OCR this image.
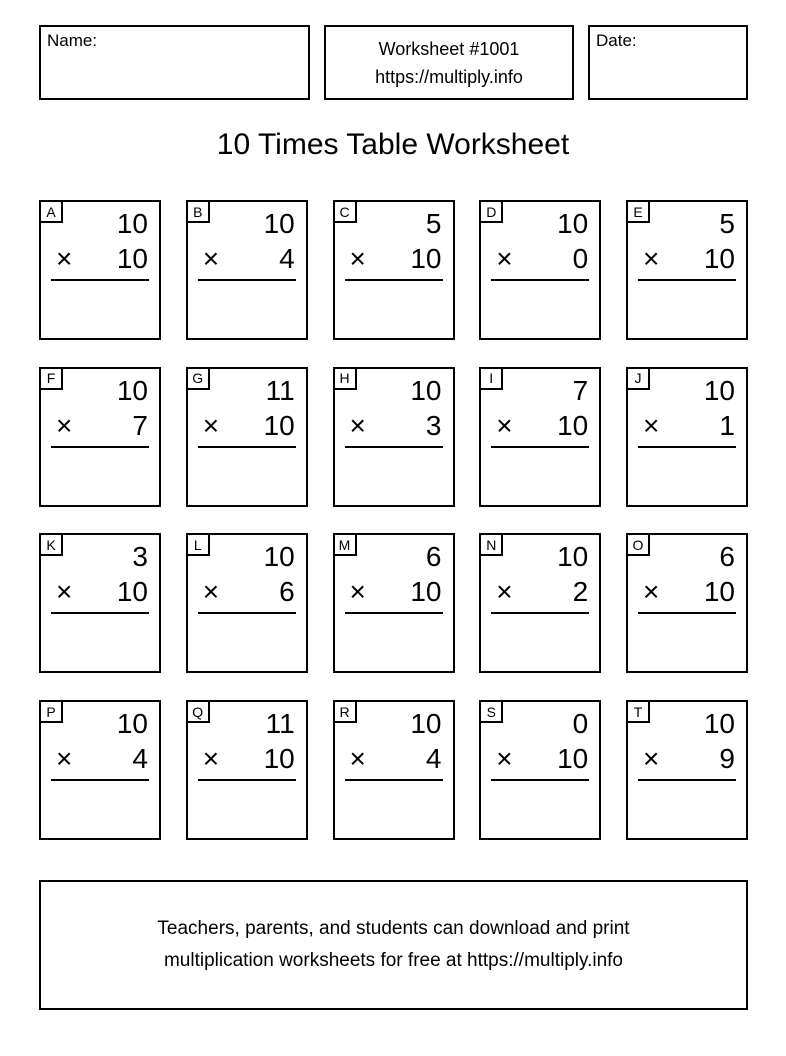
Name:	Worksheet #1001
https://multiply.info
Date:
10 Times Table Worksheet
A	10
× 10
B	10
× 4
C	5
× 10
D	10
× 0
E	5
× 10
F	10
× 7
G	11
× 10
H	10
× 3
I	7
× 10
J	10
× 1
K	3
× 10
L	10
× 6
M	6
× 10
N	10
× 2
O	6
× 10
P	10
× 4
Q	11
× 10
R	10
× 4
S	0
× 10
T	10
× 9
Teachers, parents, and students can download and print
multiplication worksheets for free at https://multiply.info
